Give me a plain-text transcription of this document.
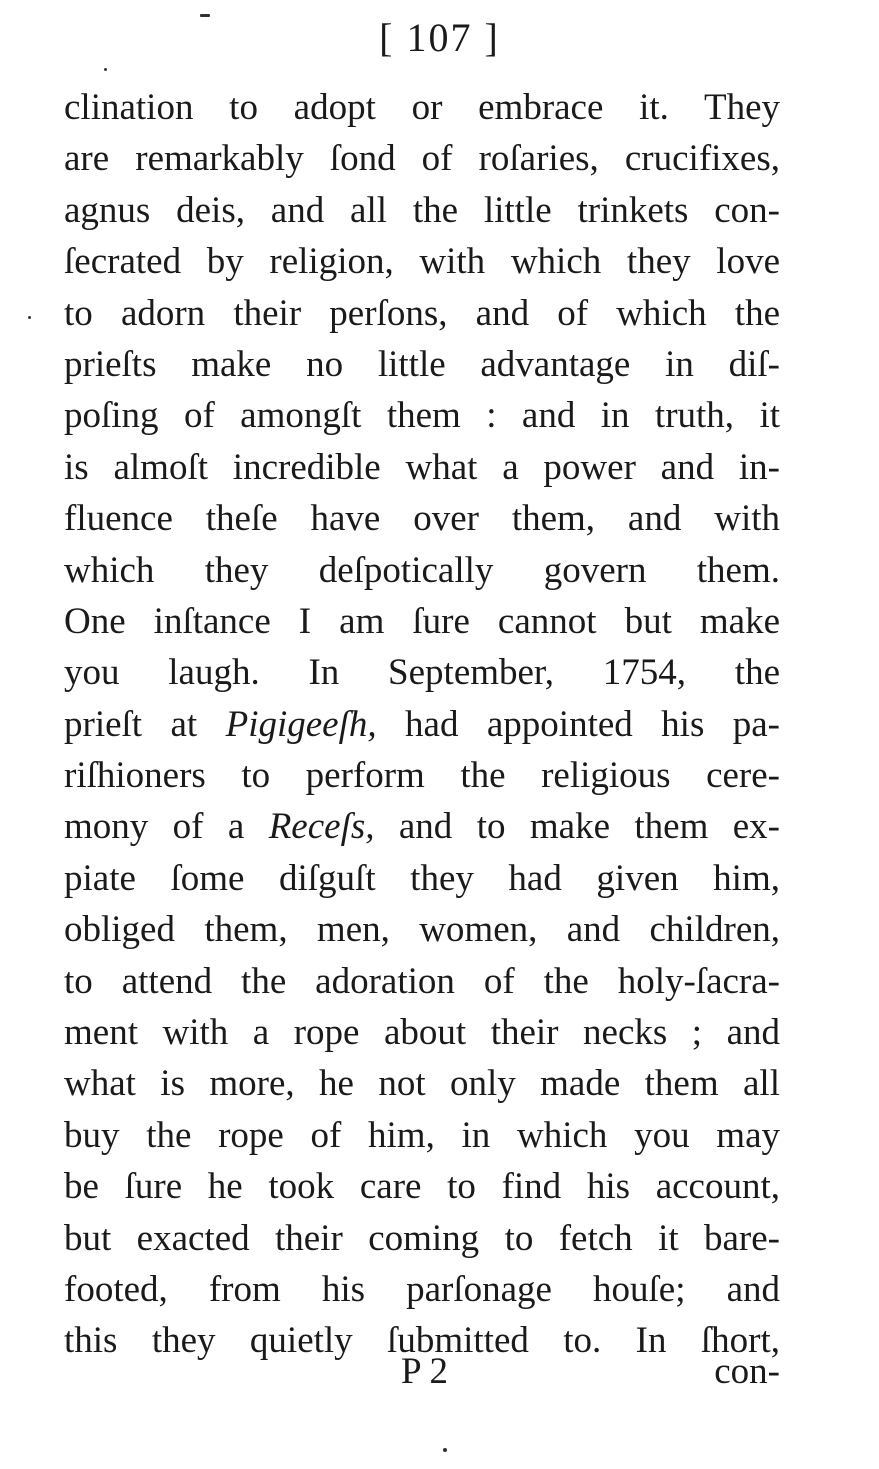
[ 107 ]
clination to adopt or embrace it. They
are remarkably ſond of roſaries, crucifixes,
agnus deis, and all the little trinkets con-
ſecrated by religion, with which they love
to adorn their perſons, and of which the
prieſts make no little advantage in diſ-
poſing of amongſt them : and in truth, it
is almoſt incredible what a power and in-
fluence theſe have over them, and with
which they deſpotically govern them.
One inſtance I am ſure cannot but make
you laugh. In September, 1754, the
prieſt at Pigigeeſh, had appointed his pa-
riſhioners to perform the religious cere-
mony of a Receſs, and to make them ex-
piate ſome diſguſt they had given him,
obliged them, men, women, and children,
to attend the adoration of the holy-ſacra-
ment with a rope about their necks ; and
what is more, he not only made them all
buy the rope of him, in which you may
be ſure he took care to find his account,
but exacted their coming to fetch it bare-
footed, from his parſonage houſe; and
this they quietly ſubmitted to. In ſhort,
P 2	con-
